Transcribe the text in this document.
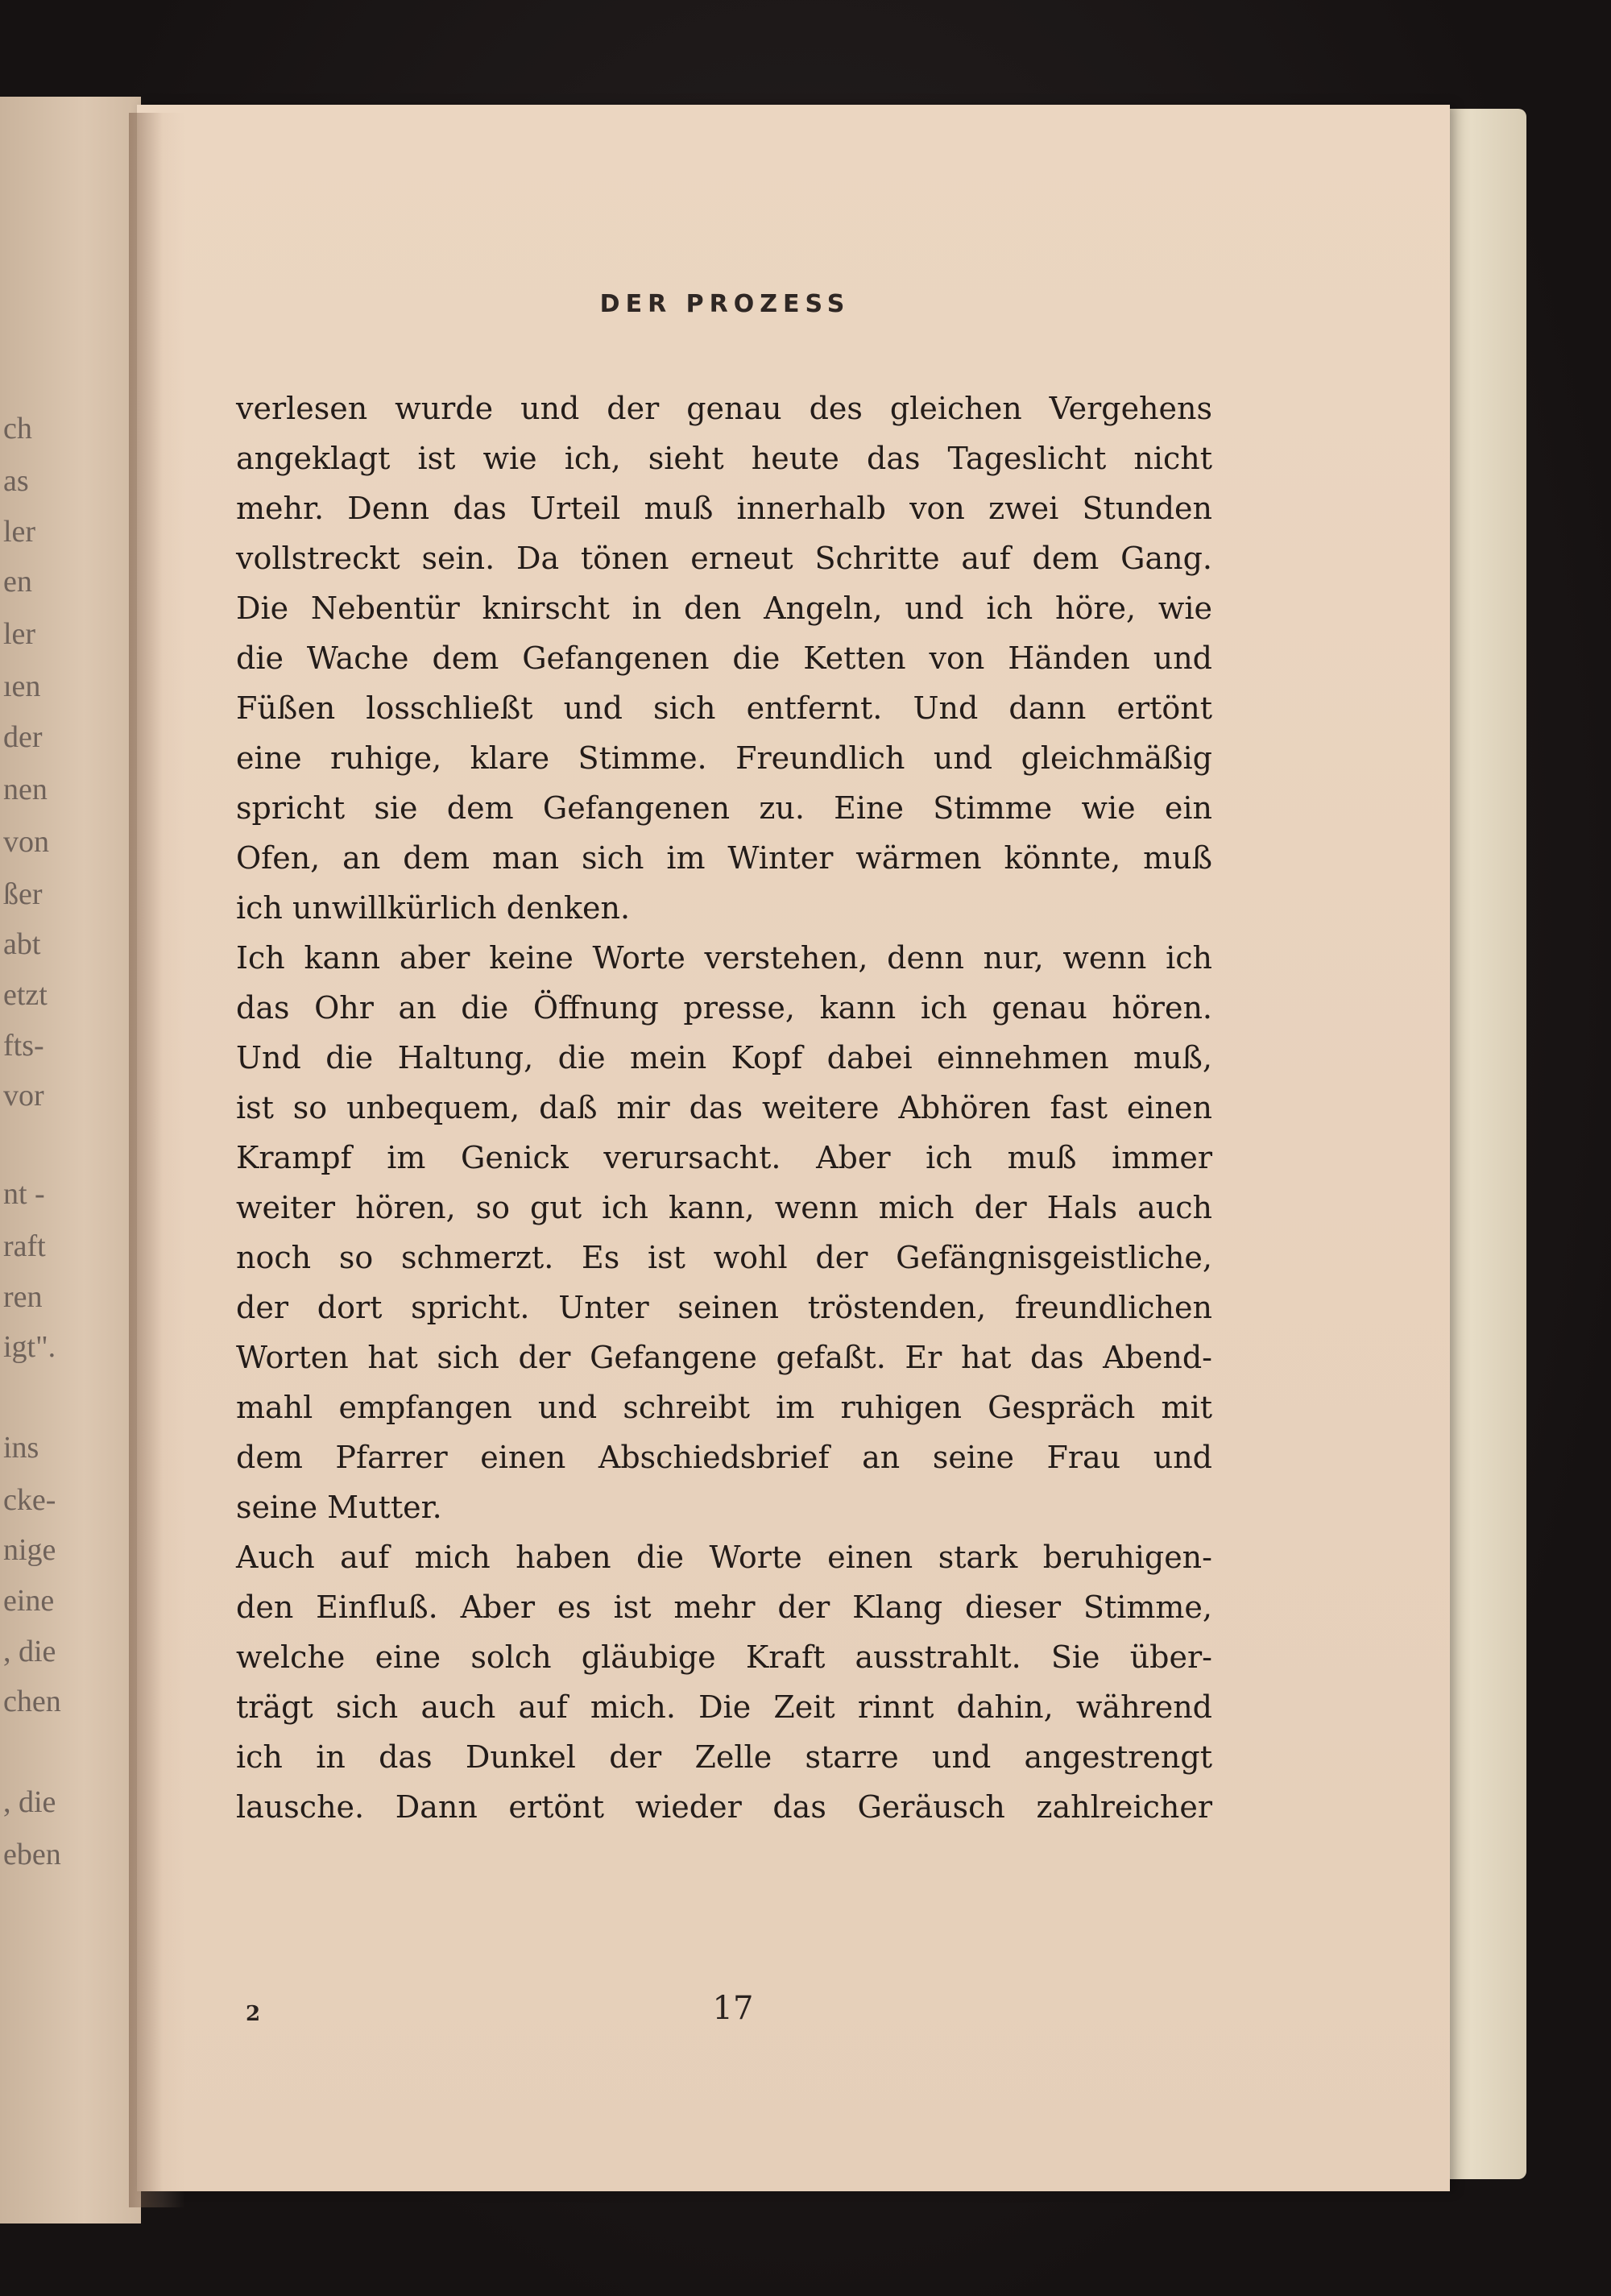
ch
as
ler
en
ler
ıen
der
nen
von
ßer
abt
etzt
fts-
vor
nt -
raft
ren
igt".
ins
cke-
nige
eine
, die
chen
, die
eben
DER PROZESS
verlesen wurde und der genau des gleichen Vergehens
angeklagt ist wie ich, sieht heute das Tageslicht nicht
mehr. Denn das Urteil muß innerhalb von zwei Stunden
vollstreckt sein. Da tönen erneut Schritte auf dem Gang.
Die Nebentür knirscht in den Angeln, und ich höre, wie
die Wache dem Gefangenen die Ketten von Händen und
Füßen losschließt und sich entfernt. Und dann ertönt
eine ruhige, klare Stimme. Freundlich und gleichmäßig
spricht sie dem Gefangenen zu. Eine Stimme wie ein
Ofen, an dem man sich im Winter wärmen könnte, muß
ich unwillkürlich denken.
Ich kann aber keine Worte verstehen, denn nur, wenn ich
das Ohr an die Öffnung presse, kann ich genau hören.
Und die Haltung, die mein Kopf dabei einnehmen muß,
ist so unbequem, daß mir das weitere Abhören fast einen
Krampf im Genick verursacht. Aber ich muß immer
weiter hören, so gut ich kann, wenn mich der Hals auch
noch so schmerzt. Es ist wohl der Gefängnisgeistliche,
der dort spricht. Unter seinen tröstenden, freundlichen
Worten hat sich der Gefangene gefaßt. Er hat das Abend-
mahl empfangen und schreibt im ruhigen Gespräch mit
dem Pfarrer einen Abschiedsbrief an seine Frau und
seine Mutter.
Auch auf mich haben die Worte einen stark beruhigen-
den Einfluß. Aber es ist mehr der Klang dieser Stimme,
welche eine solch gläubige Kraft ausstrahlt. Sie über-
trägt sich auch auf mich. Die Zeit rinnt dahin, während
ich in das Dunkel der Zelle starre und angestrengt
lausche. Dann ertönt wieder das Geräusch zahlreicher
2	17
